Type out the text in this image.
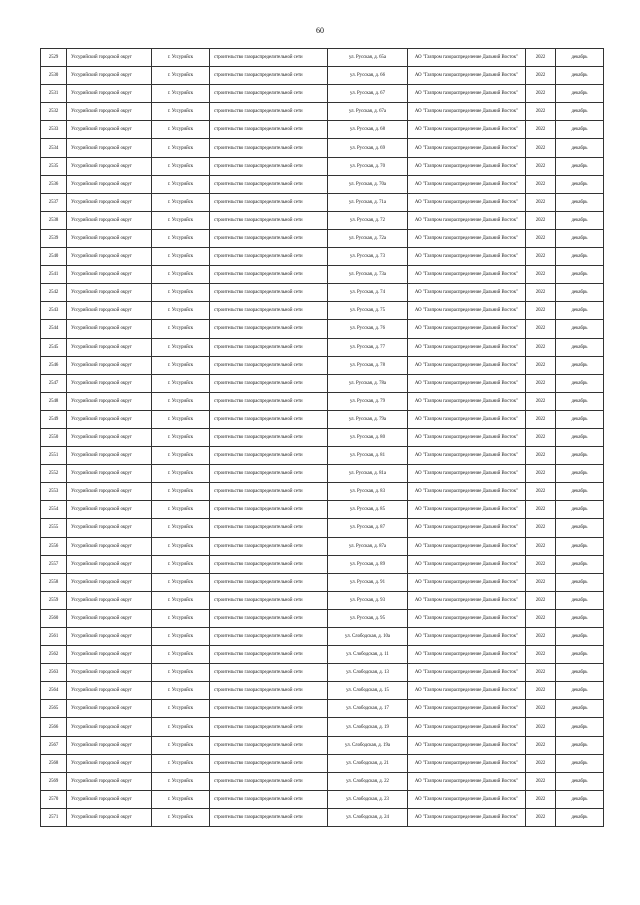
60
2529	Уссурийский городской округ	г. Уссурийск	строительство газораспределительной сети	ул. Русская, д. 65а	АО "Газпром газораспределение Дальний Восток"	2022	декабрь
2530	Уссурийский городской округ	г. Уссурийск	строительство газораспределительной сети	ул. Русская, д. 66	АО "Газпром газораспределение Дальний Восток"	2022	декабрь
2531	Уссурийский городской округ	г. Уссурийск	строительство газораспределительной сети	ул. Русская, д. 67	АО "Газпром газораспределение Дальний Восток"	2022	декабрь
2532	Уссурийский городской округ	г. Уссурийск	строительство газораспределительной сети	ул. Русская, д. 67а	АО "Газпром газораспределение Дальний Восток"	2022	декабрь
2533	Уссурийский городской округ	г. Уссурийск	строительство газораспределительной сети	ул. Русская, д. 68	АО "Газпром газораспределение Дальний Восток"	2022	декабрь
2534	Уссурийский городской округ	г. Уссурийск	строительство газораспределительной сети	ул. Русская, д. 69	АО "Газпром газораспределение Дальний Восток"	2022	декабрь
2535	Уссурийский городской округ	г. Уссурийск	строительство газораспределительной сети	ул. Русская, д. 70	АО "Газпром газораспределение Дальний Восток"	2022	декабрь
2536	Уссурийский городской округ	г. Уссурийск	строительство газораспределительной сети	ул. Русская, д. 70а	АО "Газпром газораспределение Дальний Восток"	2022	декабрь
2537	Уссурийский городской округ	г. Уссурийск	строительство газораспределительной сети	ул. Русская, д. 71а	АО "Газпром газораспределение Дальний Восток"	2022	декабрь
2538	Уссурийский городской округ	г. Уссурийск	строительство газораспределительной сети	ул. Русская, д. 72	АО "Газпром газораспределение Дальний Восток"	2022	декабрь
2539	Уссурийский городской округ	г. Уссурийск	строительство газораспределительной сети	ул. Русская, д. 72а	АО "Газпром газораспределение Дальний Восток"	2022	декабрь
2540	Уссурийский городской округ	г. Уссурийск	строительство газораспределительной сети	ул. Русская, д. 73	АО "Газпром газораспределение Дальний Восток"	2022	декабрь
2541	Уссурийский городской округ	г. Уссурийск	строительство газораспределительной сети	ул. Русская, д. 73а	АО "Газпром газораспределение Дальний Восток"	2022	декабрь
2542	Уссурийский городской округ	г. Уссурийск	строительство газораспределительной сети	ул. Русская, д. 74	АО "Газпром газораспределение Дальний Восток"	2022	декабрь
2543	Уссурийский городской округ	г. Уссурийск	строительство газораспределительной сети	ул. Русская, д. 75	АО "Газпром газораспределение Дальний Восток"	2022	декабрь
2544	Уссурийский городской округ	г. Уссурийск	строительство газораспределительной сети	ул. Русская, д. 76	АО "Газпром газораспределение Дальний Восток"	2022	декабрь
2545	Уссурийский городской округ	г. Уссурийск	строительство газораспределительной сети	ул. Русская, д. 77	АО "Газпром газораспределение Дальний Восток"	2022	декабрь
2546	Уссурийский городской округ	г. Уссурийск	строительство газораспределительной сети	ул. Русская, д. 78	АО "Газпром газораспределение Дальний Восток"	2022	декабрь
2547	Уссурийский городской округ	г. Уссурийск	строительство газораспределительной сети	ул. Русская, д. 78а	АО "Газпром газораспределение Дальний Восток"	2022	декабрь
2548	Уссурийский городской округ	г. Уссурийск	строительство газораспределительной сети	ул. Русская, д. 79	АО "Газпром газораспределение Дальний Восток"	2022	декабрь
2549	Уссурийский городской округ	г. Уссурийск	строительство газораспределительной сети	ул. Русская, д. 79а	АО "Газпром газораспределение Дальний Восток"	2022	декабрь
2550	Уссурийский городской округ	г. Уссурийск	строительство газораспределительной сети	ул. Русская, д. 80	АО "Газпром газораспределение Дальний Восток"	2022	декабрь
2551	Уссурийский городской округ	г. Уссурийск	строительство газораспределительной сети	ул. Русская, д. 81	АО "Газпром газораспределение Дальний Восток"	2022	декабрь
2552	Уссурийский городской округ	г. Уссурийск	строительство газораспределительной сети	ул. Русская, д. 81а	АО "Газпром газораспределение Дальний Восток"	2022	декабрь
2553	Уссурийский городской округ	г. Уссурийск	строительство газораспределительной сети	ул. Русская, д. 83	АО "Газпром газораспределение Дальний Восток"	2022	декабрь
2554	Уссурийский городской округ	г. Уссурийск	строительство газораспределительной сети	ул. Русская, д. 85	АО "Газпром газораспределение Дальний Восток"	2022	декабрь
2555	Уссурийский городской округ	г. Уссурийск	строительство газораспределительной сети	ул. Русская, д. 87	АО "Газпром газораспределение Дальний Восток"	2022	декабрь
2556	Уссурийский городской округ	г. Уссурийск	строительство газораспределительной сети	ул. Русская, д. 87а	АО "Газпром газораспределение Дальний Восток"	2022	декабрь
2557	Уссурийский городской округ	г. Уссурийск	строительство газораспределительной сети	ул. Русская, д. 89	АО "Газпром газораспределение Дальний Восток"	2022	декабрь
2558	Уссурийский городской округ	г. Уссурийск	строительство газораспределительной сети	ул. Русская, д. 91	АО "Газпром газораспределение Дальний Восток"	2022	декабрь
2559	Уссурийский городской округ	г. Уссурийск	строительство газораспределительной сети	ул. Русская, д. 93	АО "Газпром газораспределение Дальний Восток"	2022	декабрь
2560	Уссурийский городской округ	г. Уссурийск	строительство газораспределительной сети	ул. Русская, д. 95	АО "Газпром газораспределение Дальний Восток"	2022	декабрь
2561	Уссурийский городской округ	г. Уссурийск	строительство газораспределительной сети	ул. Слободская, д. 10а	АО "Газпром газораспределение Дальний Восток"	2022	декабрь
2562	Уссурийский городской округ	г. Уссурийск	строительство газораспределительной сети	ул. Слободская, д. 11	АО "Газпром газораспределение Дальний Восток"	2022	декабрь
2563	Уссурийский городской округ	г. Уссурийск	строительство газораспределительной сети	ул. Слободская, д. 13	АО "Газпром газораспределение Дальний Восток"	2022	декабрь
2564	Уссурийский городской округ	г. Уссурийск	строительство газораспределительной сети	ул. Слободская, д. 15	АО "Газпром газораспределение Дальний Восток"	2022	декабрь
2565	Уссурийский городской округ	г. Уссурийск	строительство газораспределительной сети	ул. Слободская, д. 17	АО "Газпром газораспределение Дальний Восток"	2022	декабрь
2566	Уссурийский городской округ	г. Уссурийск	строительство газораспределительной сети	ул. Слободская, д. 19	АО "Газпром газораспределение Дальний Восток"	2022	декабрь
2567	Уссурийский городской округ	г. Уссурийск	строительство газораспределительной сети	ул. Слободская, д. 19а	АО "Газпром газораспределение Дальний Восток"	2022	декабрь
2568	Уссурийский городской округ	г. Уссурийск	строительство газораспределительной сети	ул. Слободская, д. 21	АО "Газпром газораспределение Дальний Восток"	2022	декабрь
2569	Уссурийский городской округ	г. Уссурийск	строительство газораспределительной сети	ул. Слободская, д. 22	АО "Газпром газораспределение Дальний Восток"	2022	декабрь
2570	Уссурийский городской округ	г. Уссурийск	строительство газораспределительной сети	ул. Слободская, д. 23	АО "Газпром газораспределение Дальний Восток"	2022	декабрь
2571	Уссурийский городской округ	г. Уссурийск	строительство газораспределительной сети	ул. Слободская, д. 24	АО "Газпром газораспределение Дальний Восток"	2022	декабрь
